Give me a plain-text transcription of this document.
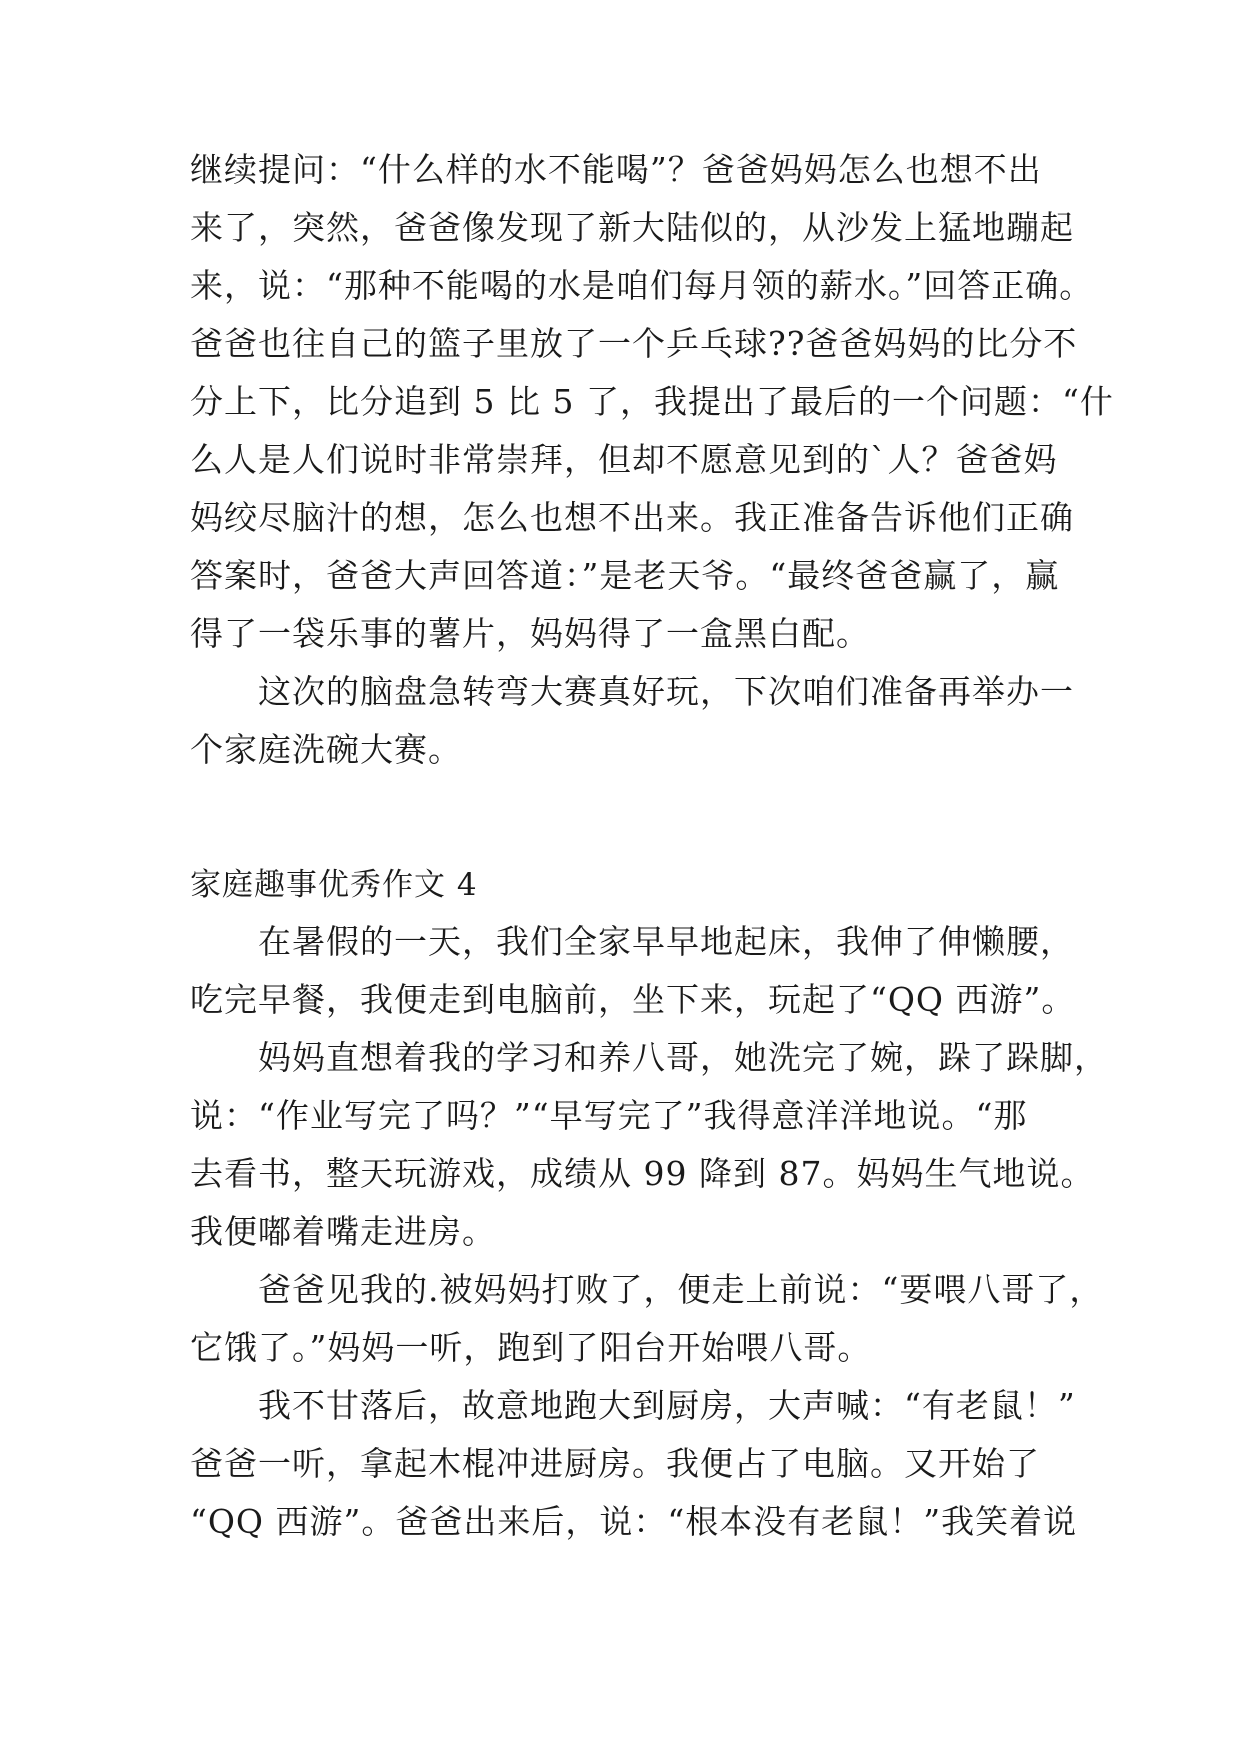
继续提问：“什么样的水不能喝”？爸爸妈妈怎么也想不出
来了，突然，爸爸像发现了新大陆似的，从沙发上猛地蹦起
来，说：“那种不能喝的水是咱们每月领的薪水。”回答正确。
爸爸也往自己的篮子里放了一个乒乓球??爸爸妈妈的比分不
分上下，比分追到 5 比 5 了，我提出了最后的一个问题：“什
么人是人们说时非常崇拜，但却不愿意见到的`人？爸爸妈
妈绞尽脑汁的想，怎么也想不出来。我正准备告诉他们正确
答案时，爸爸大声回答道：”是老天爷。“最终爸爸赢了，赢
得了一袋乐事的薯片，妈妈得了一盒黑白配。
这次的脑盘急转弯大赛真好玩，下次咱们准备再举办一
个家庭洗碗大赛。
家庭趣事优秀作文 4
在暑假的一天，我们全家早早地起床，我伸了伸懒腰，
吃完早餐，我便走到电脑前，坐下来，玩起了“QQ 西游”。
妈妈直想着我的学习和养八哥，她洗完了婉，跺了跺脚，
说：“作业写完了吗？”“早写完了”我得意洋洋地说。“那
去看书，整天玩游戏，成绩从 99 降到 87。妈妈生气地说。
我便嘟着嘴走进房。
爸爸见我的.被妈妈打败了，便走上前说：“要喂八哥了，
它饿了。”妈妈一听，跑到了阳台开始喂八哥。
我不甘落后，故意地跑大到厨房，大声喊：“有老鼠！”
爸爸一听，拿起木棍冲进厨房。我便占了电脑。又开始了
“QQ 西游”。爸爸出来后，说：“根本没有老鼠！”我笑着说
